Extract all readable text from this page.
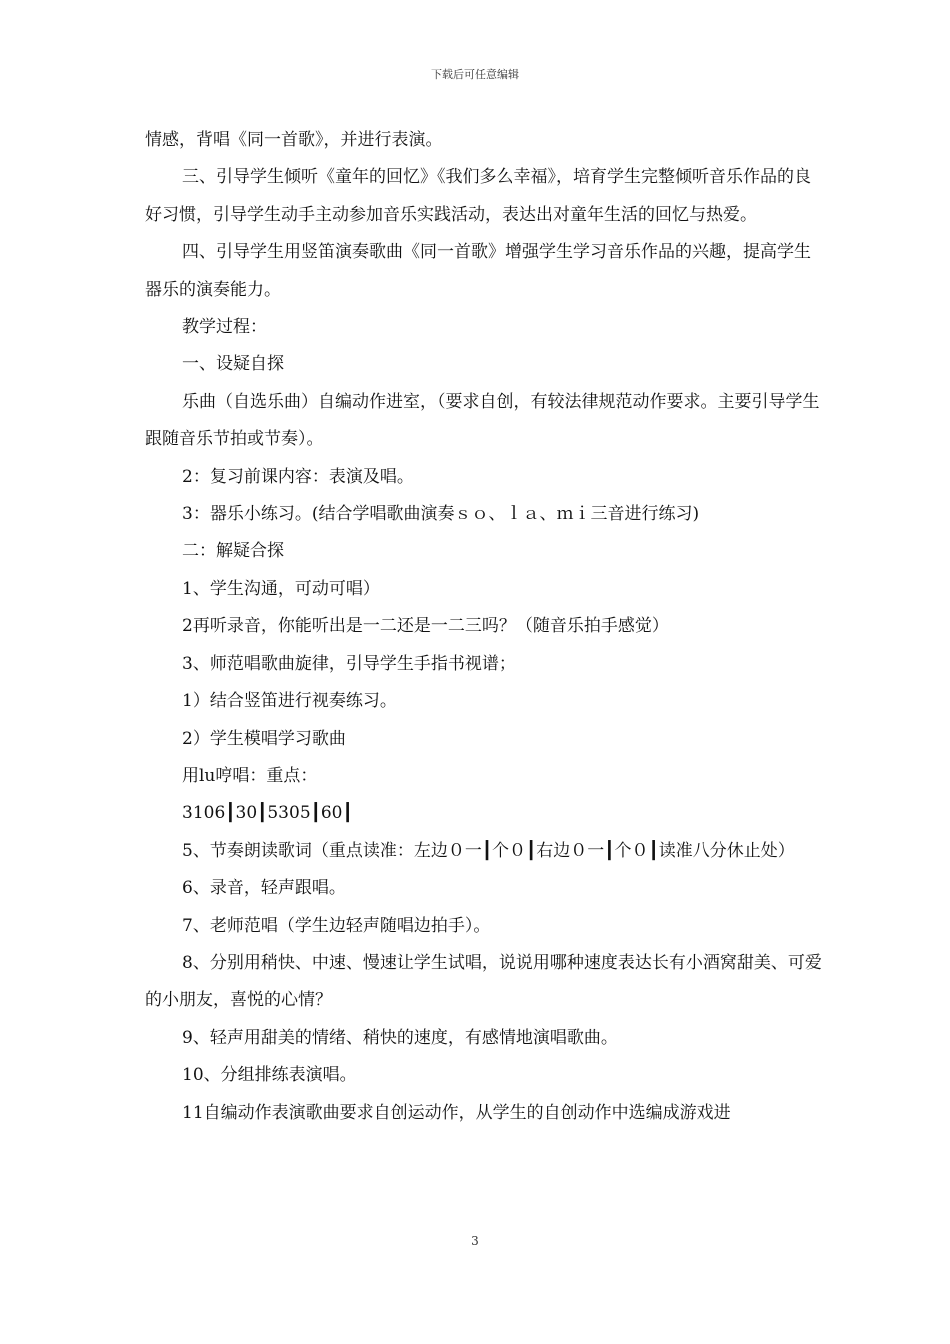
下载后可任意编辑

情感，背唱《同一首歌》，并进行表演。

三、引导学生倾听《童年的回忆》《我们多么幸福》，培育学生完整倾听音乐作品的良好习惯，引导学生动手主动参加音乐实践活动，表达出对童年生活的回忆与热爱。

四、引导学生用竖笛演奏歌曲《同一首歌》增强学生学习音乐作品的兴趣，提高学生器乐的演奏能力。

教学过程：

一、设疑自探

乐曲（自选乐曲）自编动作进室，（要求自创，有较法律规范动作要求。主要引导学生跟随音乐节拍或节奏）。

2：复习前课内容：表演及唱。

3：器乐小练习。(结合学唱歌曲演奏ｓｏ、ｌａ、ｍｉ三音进行练习)

二：解疑合探

1、学生沟通，可动可唱）

2再听录音，你能听出是一二还是一二三吗？（随音乐拍手感觉）

3、师范唱歌曲旋律，引导学生手指书视谱；

1）结合竖笛进行视奏练习。

2）学生模唱学习歌曲

用lu哼唱：重点：

3106┃30┃5305┃60┃

5、节奏朗读歌词（重点读准：左边０一┃个０┃右边０一┃个０┃读准八分休止处）

6、录音，轻声跟唱。

7、老师范唱（学生边轻声随唱边拍手）。

8、分别用稍快、中速、慢速让学生试唱，说说用哪种速度表达长有小酒窝甜美、可爱的小朋友，喜悦的心情？

9、轻声用甜美的情绪、稍快的速度，有感情地演唱歌曲。

10、分组排练表演唱。

11自编动作表演歌曲要求自创运动作，从学生的自创动作中选编成游戏进

3
